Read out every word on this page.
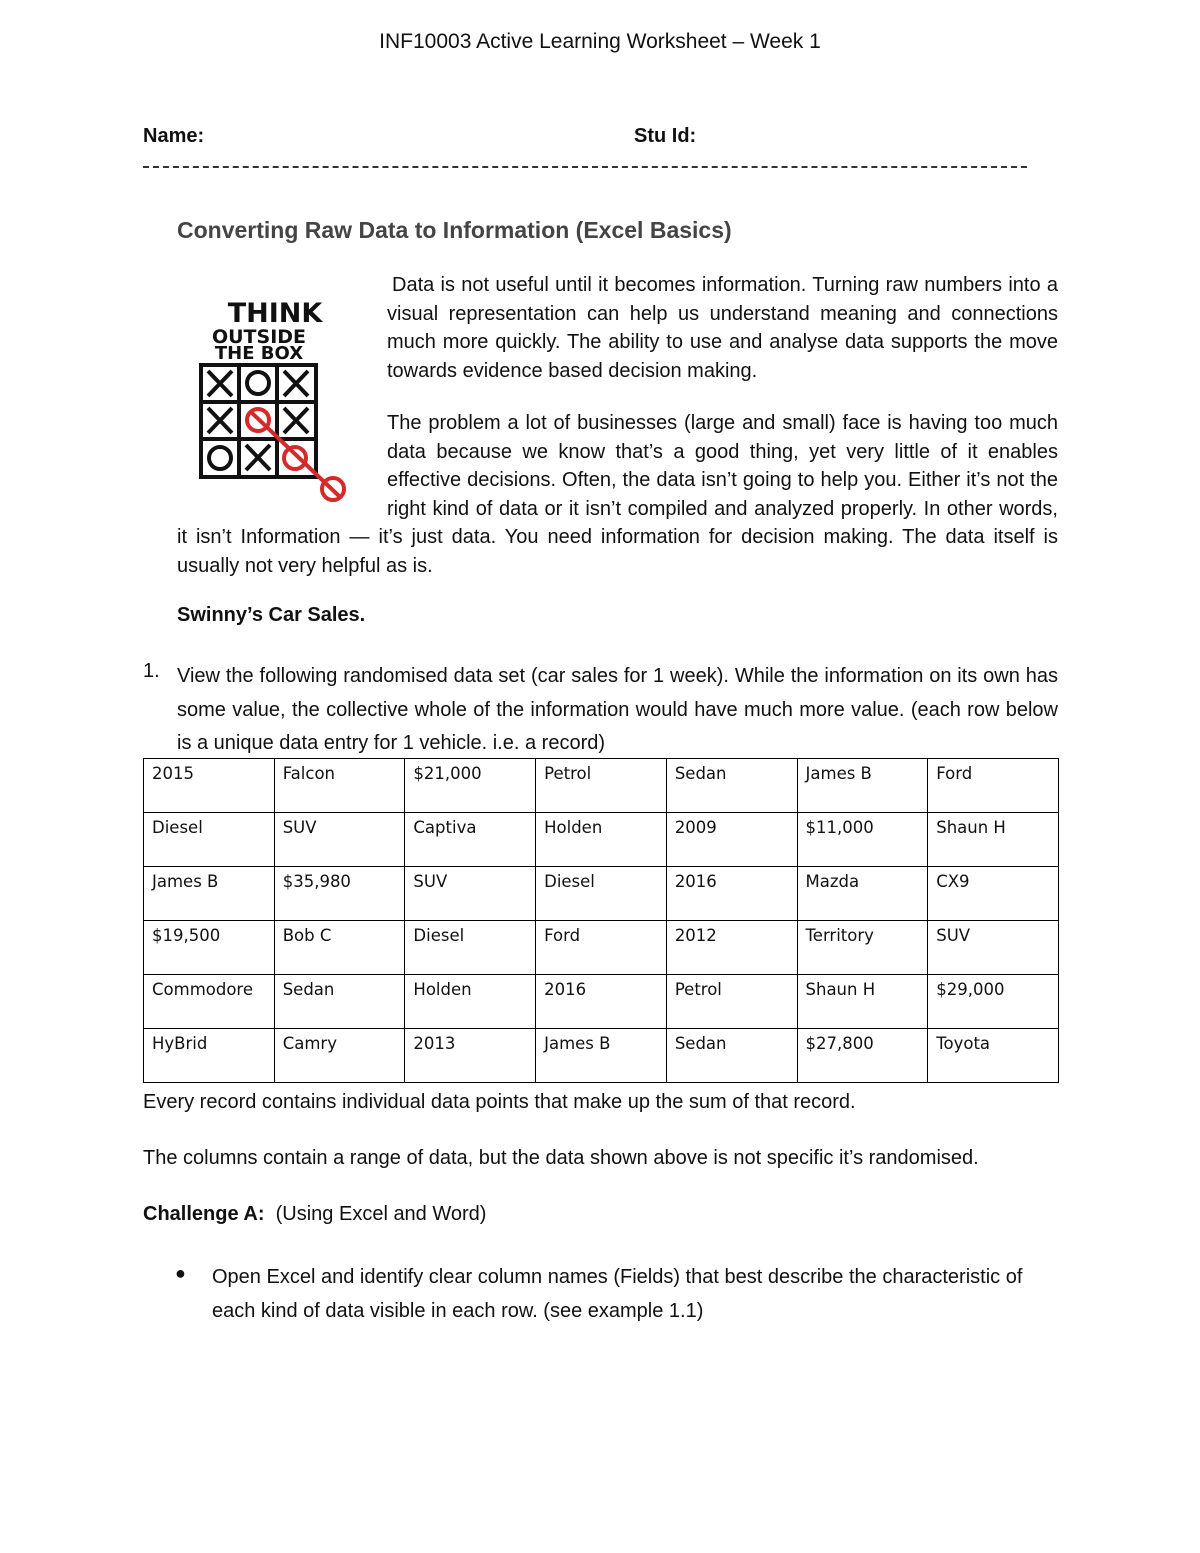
INF10003 Active Learning Worksheet – Week 1
Name:	Stu Id:
Converting Raw Data to Information (Excel Basics)
THINK
OUTSIDE
THE BOX

Data is not useful until it becomes information. Turning raw numbers into a visual representation can help us understand meaning and connections much more quickly. The ability to use and analyse data supports the move towards evidence based decision making.

The problem a lot of businesses (large and small) face is having too much data because we know that’s a good thing, yet very little of it enables effective decisions. Often, the data isn’t going to help you. Either it’s not the right kind of data or it isn’t compiled and analyzed properly. In other words, it isn’t Information — it’s just data. You need information for decision making. The data itself is usually not very helpful as is.

Swinny’s Car Sales.
1. View the following randomised data set (car sales for 1 week). While the information on its own has some value, the collective whole of the information would have much more value. (each row below is a unique data entry for 1 vehicle. i.e. a record)

2015	Falcon	$21,000	Petrol	Sedan	James B	Ford
Diesel	SUV	Captiva	Holden	2009	$11,000	Shaun H
James B	$35,980	SUV	Diesel	2016	Mazda	CX9
$19,500	Bob C	Diesel	Ford	2012	Territory	SUV
Commodore	Sedan	Holden	2016	Petrol	Shaun H	$29,000
HyBrid	Camry	2013	James B	Sedan	$27,800	Toyota
Every record contains individual data points that make up the sum of that record.
The columns contain a range of data, but the data shown above is not specific it’s randomised.
Challenge A: (Using Excel and Word)
● Open Excel and identify clear column names (Fields) that best describe the characteristic of each kind of data visible in each row. (see example 1.1)
